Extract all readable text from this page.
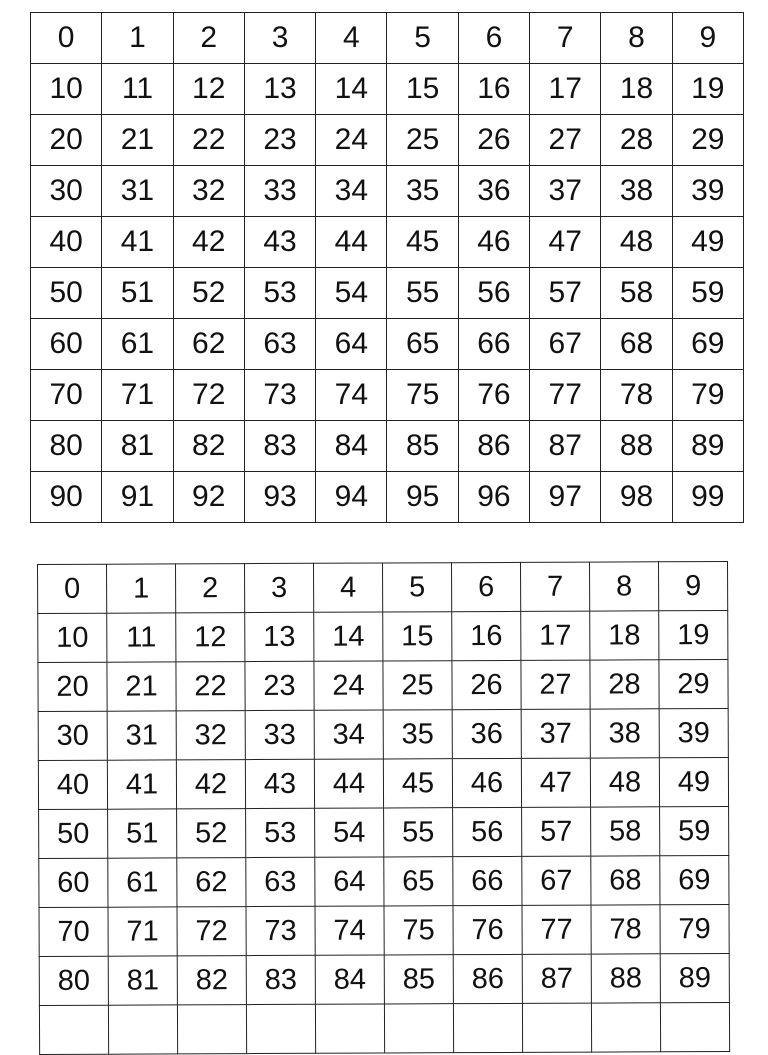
0	1	2	3	4	5	6	7	8	9
10	11	12	13	14	15	16	17	18	19
20	21	22	23	24	25	26	27	28	29
30	31	32	33	34	35	36	37	38	39
40	41	42	43	44	45	46	47	48	49
50	51	52	53	54	55	56	57	58	59
60	61	62	63	64	65	66	67	68	69
70	71	72	73	74	75	76	77	78	79
80	81	82	83	84	85	86	87	88	89
90	91	92	93	94	95	96	97	98	99
0	1	2	3	4	5	6	7	8	9
10	11	12	13	14	15	16	17	18	19
20	21	22	23	24	25	26	27	28	29
30	31	32	33	34	35	36	37	38	39
40	41	42	43	44	45	46	47	48	49
50	51	52	53	54	55	56	57	58	59
60	61	62	63	64	65	66	67	68	69
70	71	72	73	74	75	76	77	78	79
80	81	82	83	84	85	86	87	88	89
